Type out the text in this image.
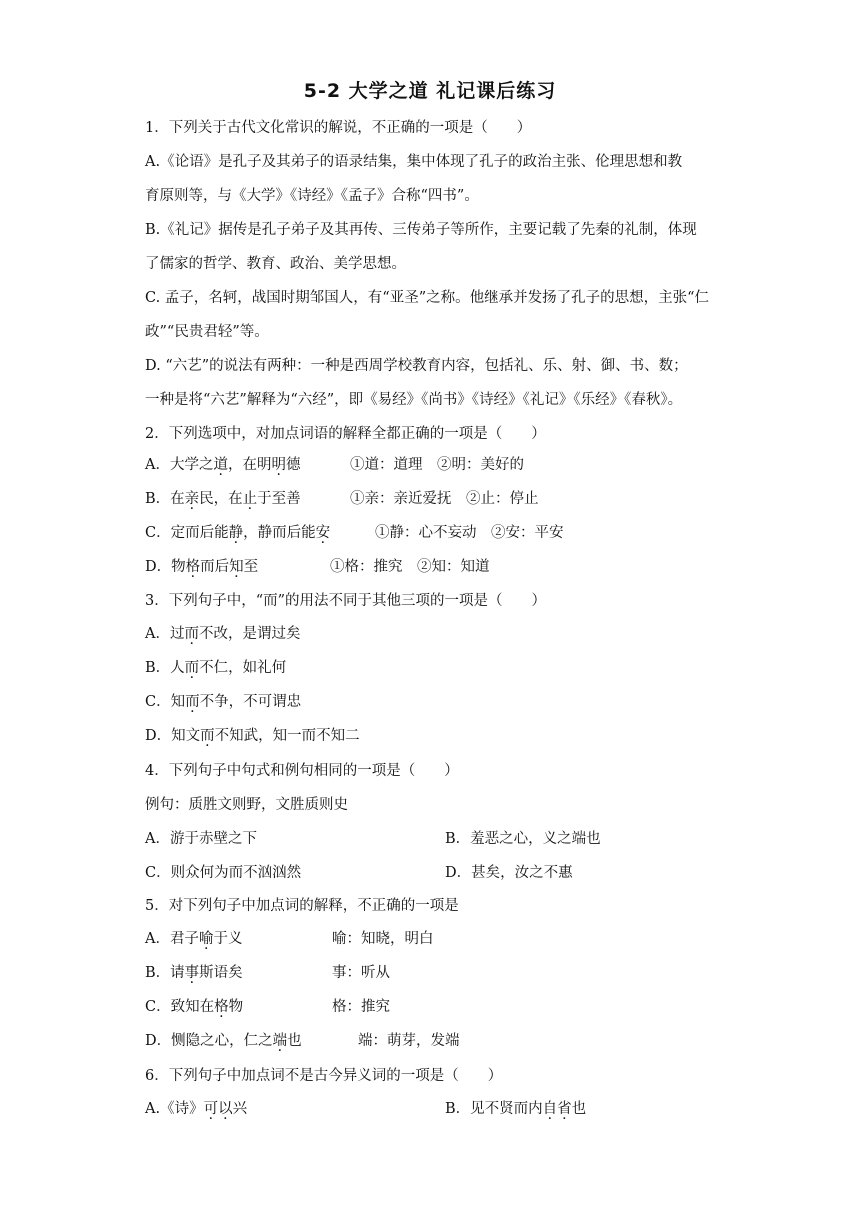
5-2 大学之道 礼记课后练习
1．下列关于古代文化常识的解说，不正确的一项是（　　）
A.《论语》是孔子及其弟子的语录结集，集中体现了孔子的政治主张、伦理思想和教
育原则等，与《大学》《诗经》《孟子》合称“四书”。
B.《礼记》据传是孔子弟子及其再传、三传弟子等所作，主要记载了先秦的礼制，体现
了儒家的哲学、教育、政治、美学思想。
C. 孟子，名轲，战国时期邹国人，有“亚圣”之称。他继承并发扬了孔子的思想，主张“仁
政”“民贵君轻”等。
D. “六艺”的说法有两种：一种是西周学校教育内容，包括礼、乐、射、御、书、数；
一种是将“六艺”解释为“六经”，即《易经》《尚书》《诗经》《礼记》《乐经》《春秋》。
2．下列选项中，对加点词语的解释全都正确的一项是（　　）
A．大学之道，在明明德	①道：道理　②明：美好的
B．在亲民，在止于至善	①亲：亲近爱抚　②止：停止
C．定而后能静，静而后能安	①静：心不妄动　②安：平安
D．物格而后知至	①格：推究　②知：知道
3．下列句子中，“而”的用法不同于其他三项的一项是（　　）
A．过而不改，是谓过矣
B．人而不仁，如礼何
C．知而不争，不可谓忠
D．知文而不知武，知一而不知二
4．下列句子中句式和例句相同的一项是（　　）
例句：质胜文则野，文胜质则史
A．游于赤壁之下	B．羞恶之心，义之端也
C．则众何为而不汹汹然	D．甚矣，汝之不惠
5．对下列句子中加点词的解释，不正确的一项是
A．君子喻于义	喻：知晓，明白
B．请事斯语矣	事：听从
C．致知在格物	格：推究
D．恻隐之心，仁之端也	端：萌芽，发端
6．下列句子中加点词不是古今异义词的一项是（　　）
A.《诗》可以兴	B．见不贤而内自省也
